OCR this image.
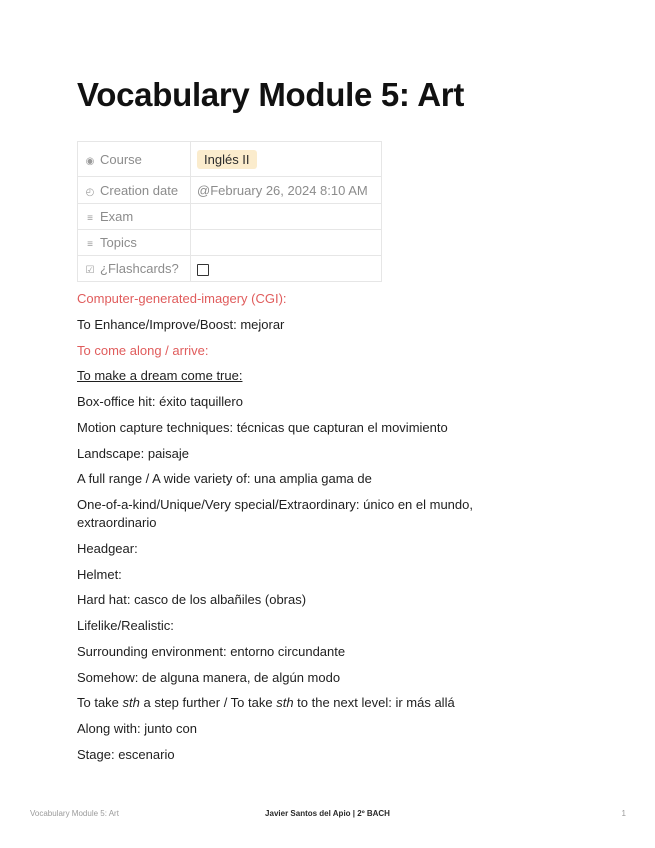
Vocabulary Module 5: Art
◉ Course	Inglés II
◴ Creation date	@February 26, 2024 8:10 AM
≡ Exam	
≡ Topics	
☑ ¿Flashcards?	

Computer-generated-imagery (CGI):

To Enhance/Improve/Boost: mejorar

To come along / arrive:

To make a dream come true:

Box-office hit: éxito taquillero

Motion capture techniques: técnicas que capturan el movimiento

Landscape: paisaje

A full range / A wide variety of: una amplia gama de

One-of-a-kind/Unique/Very special/Extraordinary: único en el mundo, extraordinario

Headgear:

Helmet:

Hard hat: casco de los albañiles (obras)

Lifelike/Realistic:

Surrounding environment: entorno circundante

Somehow: de alguna manera, de algún modo

To take sth a step further / To take sth to the next level: ir más allá

Along with: junto con

Stage: escenario

Vocabulary Module 5: Art	Javier Santos del Apio | 2º BACH	1
